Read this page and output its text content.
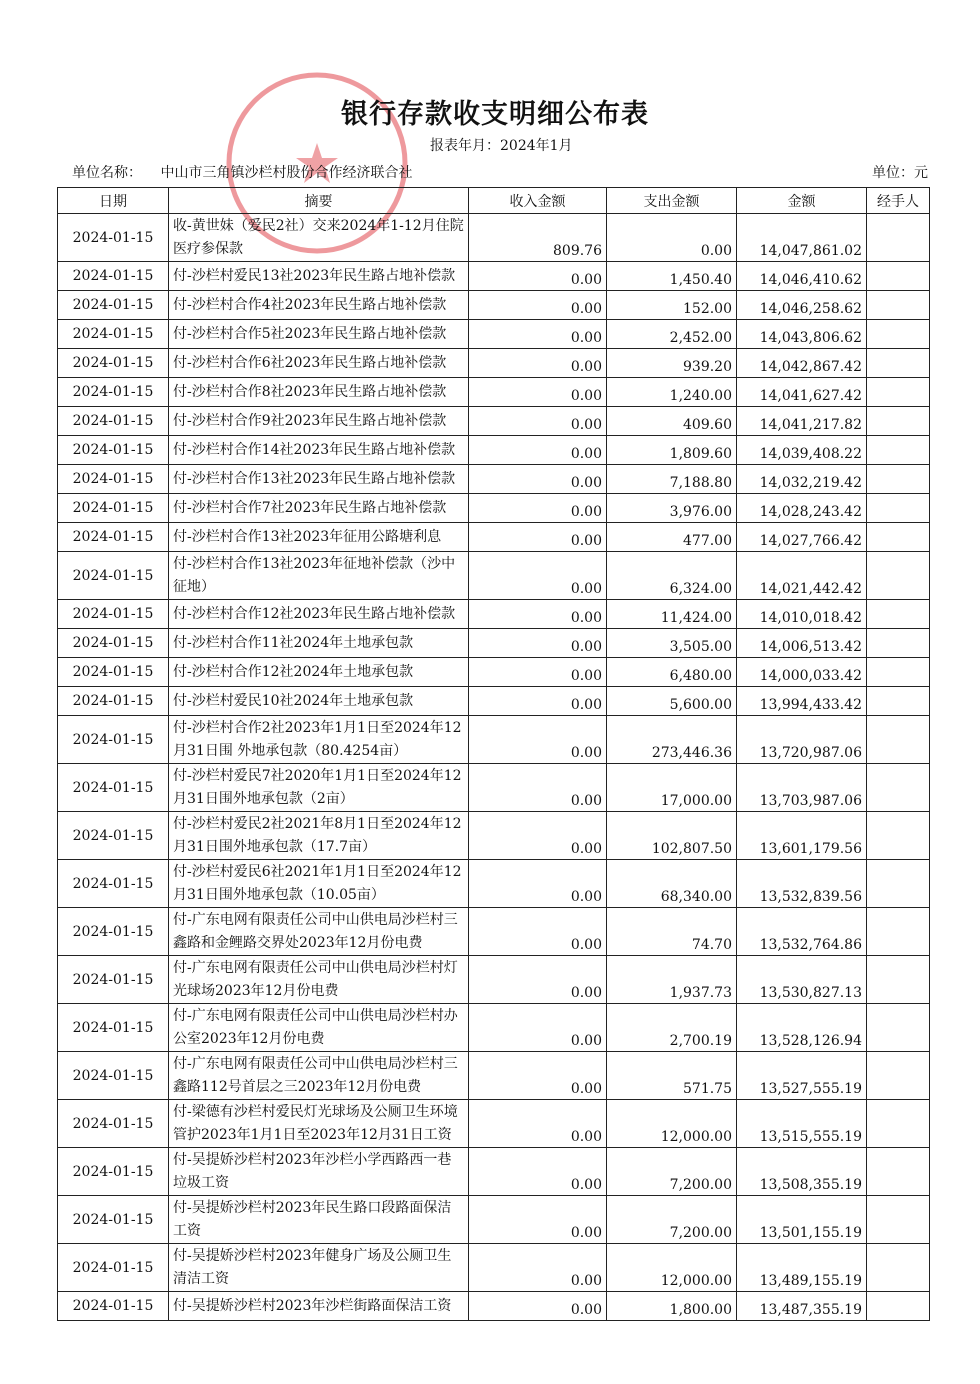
银行存款收支明细公布表
报表年月：2024年1月
单位名称： 中山市三角镇沙栏村股份合作经济联合社	单位：元
日期	摘要	收入金额	支出金额	金额	经手人
2024-01-15	收-黄世妹（爱民2社）交来2024年1-12月住院医疗参保款	809.76	0.00	14,047,861.02	
2024-01-15	付-沙栏村爱民13社2023年民生路占地补偿款	0.00	1,450.40	14,046,410.62	
2024-01-15	付-沙栏村合作4社2023年民生路占地补偿款	0.00	152.00	14,046,258.62	
2024-01-15	付-沙栏村合作5社2023年民生路占地补偿款	0.00	2,452.00	14,043,806.62	
2024-01-15	付-沙栏村合作6社2023年民生路占地补偿款	0.00	939.20	14,042,867.42	
2024-01-15	付-沙栏村合作8社2023年民生路占地补偿款	0.00	1,240.00	14,041,627.42	
2024-01-15	付-沙栏村合作9社2023年民生路占地补偿款	0.00	409.60	14,041,217.82	
2024-01-15	付-沙栏村合作14社2023年民生路占地补偿款	0.00	1,809.60	14,039,408.22	
2024-01-15	付-沙栏村合作13社2023年民生路占地补偿款	0.00	7,188.80	14,032,219.42	
2024-01-15	付-沙栏村合作7社2023年民生路占地补偿款	0.00	3,976.00	14,028,243.42	
2024-01-15	付-沙栏村合作13社2023年征用公路塘利息	0.00	477.00	14,027,766.42	
2024-01-15	付-沙栏村合作13社2023年征地补偿款（沙中征地）	0.00	6,324.00	14,021,442.42	
2024-01-15	付-沙栏村合作12社2023年民生路占地补偿款	0.00	11,424.00	14,010,018.42	
2024-01-15	付-沙栏村合作11社2024年土地承包款	0.00	3,505.00	14,006,513.42	
2024-01-15	付-沙栏村合作12社2024年土地承包款	0.00	6,480.00	14,000,033.42	
2024-01-15	付-沙栏村爱民10社2024年土地承包款	0.00	5,600.00	13,994,433.42	
2024-01-15	付-沙栏村合作2社2023年1月1日至2024年12月31日围 外地承包款（80.4254亩）	0.00	273,446.36	13,720,987.06	
2024-01-15	付-沙栏村爱民7社2020年1月1日至2024年12月31日围外地承包款（2亩）	0.00	17,000.00	13,703,987.06	
2024-01-15	付-沙栏村爱民2社2021年8月1日至2024年12月31日围外地承包款（17.7亩）	0.00	102,807.50	13,601,179.56	
2024-01-15	付-沙栏村爱民6社2021年1月1日至2024年12月31日围外地承包款（10.05亩）	0.00	68,340.00	13,532,839.56	
2024-01-15	付-广东电网有限责任公司中山供电局沙栏村三鑫路和金鲤路交界处2023年12月份电费	0.00	74.70	13,532,764.86	
2024-01-15	付-广东电网有限责任公司中山供电局沙栏村灯光球场2023年12月份电费	0.00	1,937.73	13,530,827.13	
2024-01-15	付-广东电网有限责任公司中山供电局沙栏村办公室2023年12月份电费	0.00	2,700.19	13,528,126.94	
2024-01-15	付-广东电网有限责任公司中山供电局沙栏村三鑫路112号首层之三2023年12月份电费	0.00	571.75	13,527,555.19	
2024-01-15	付-梁德有沙栏村爱民灯光球场及公厕卫生环境管护2023年1月1日至2023年12月31日工资	0.00	12,000.00	13,515,555.19	
2024-01-15	付-吴提娇沙栏村2023年沙栏小学西路西一巷垃圾工资	0.00	7,200.00	13,508,355.19	
2024-01-15	付-吴提娇沙栏村2023年民生路口段路面保洁工资	0.00	7,200.00	13,501,155.19	
2024-01-15	付-吴提娇沙栏村2023年健身广场及公厕卫生清洁工资	0.00	12,000.00	13,489,155.19	
2024-01-15	付-吴提娇沙栏村2023年沙栏街路面保洁工资	0.00	1,800.00	13,487,355.19	
